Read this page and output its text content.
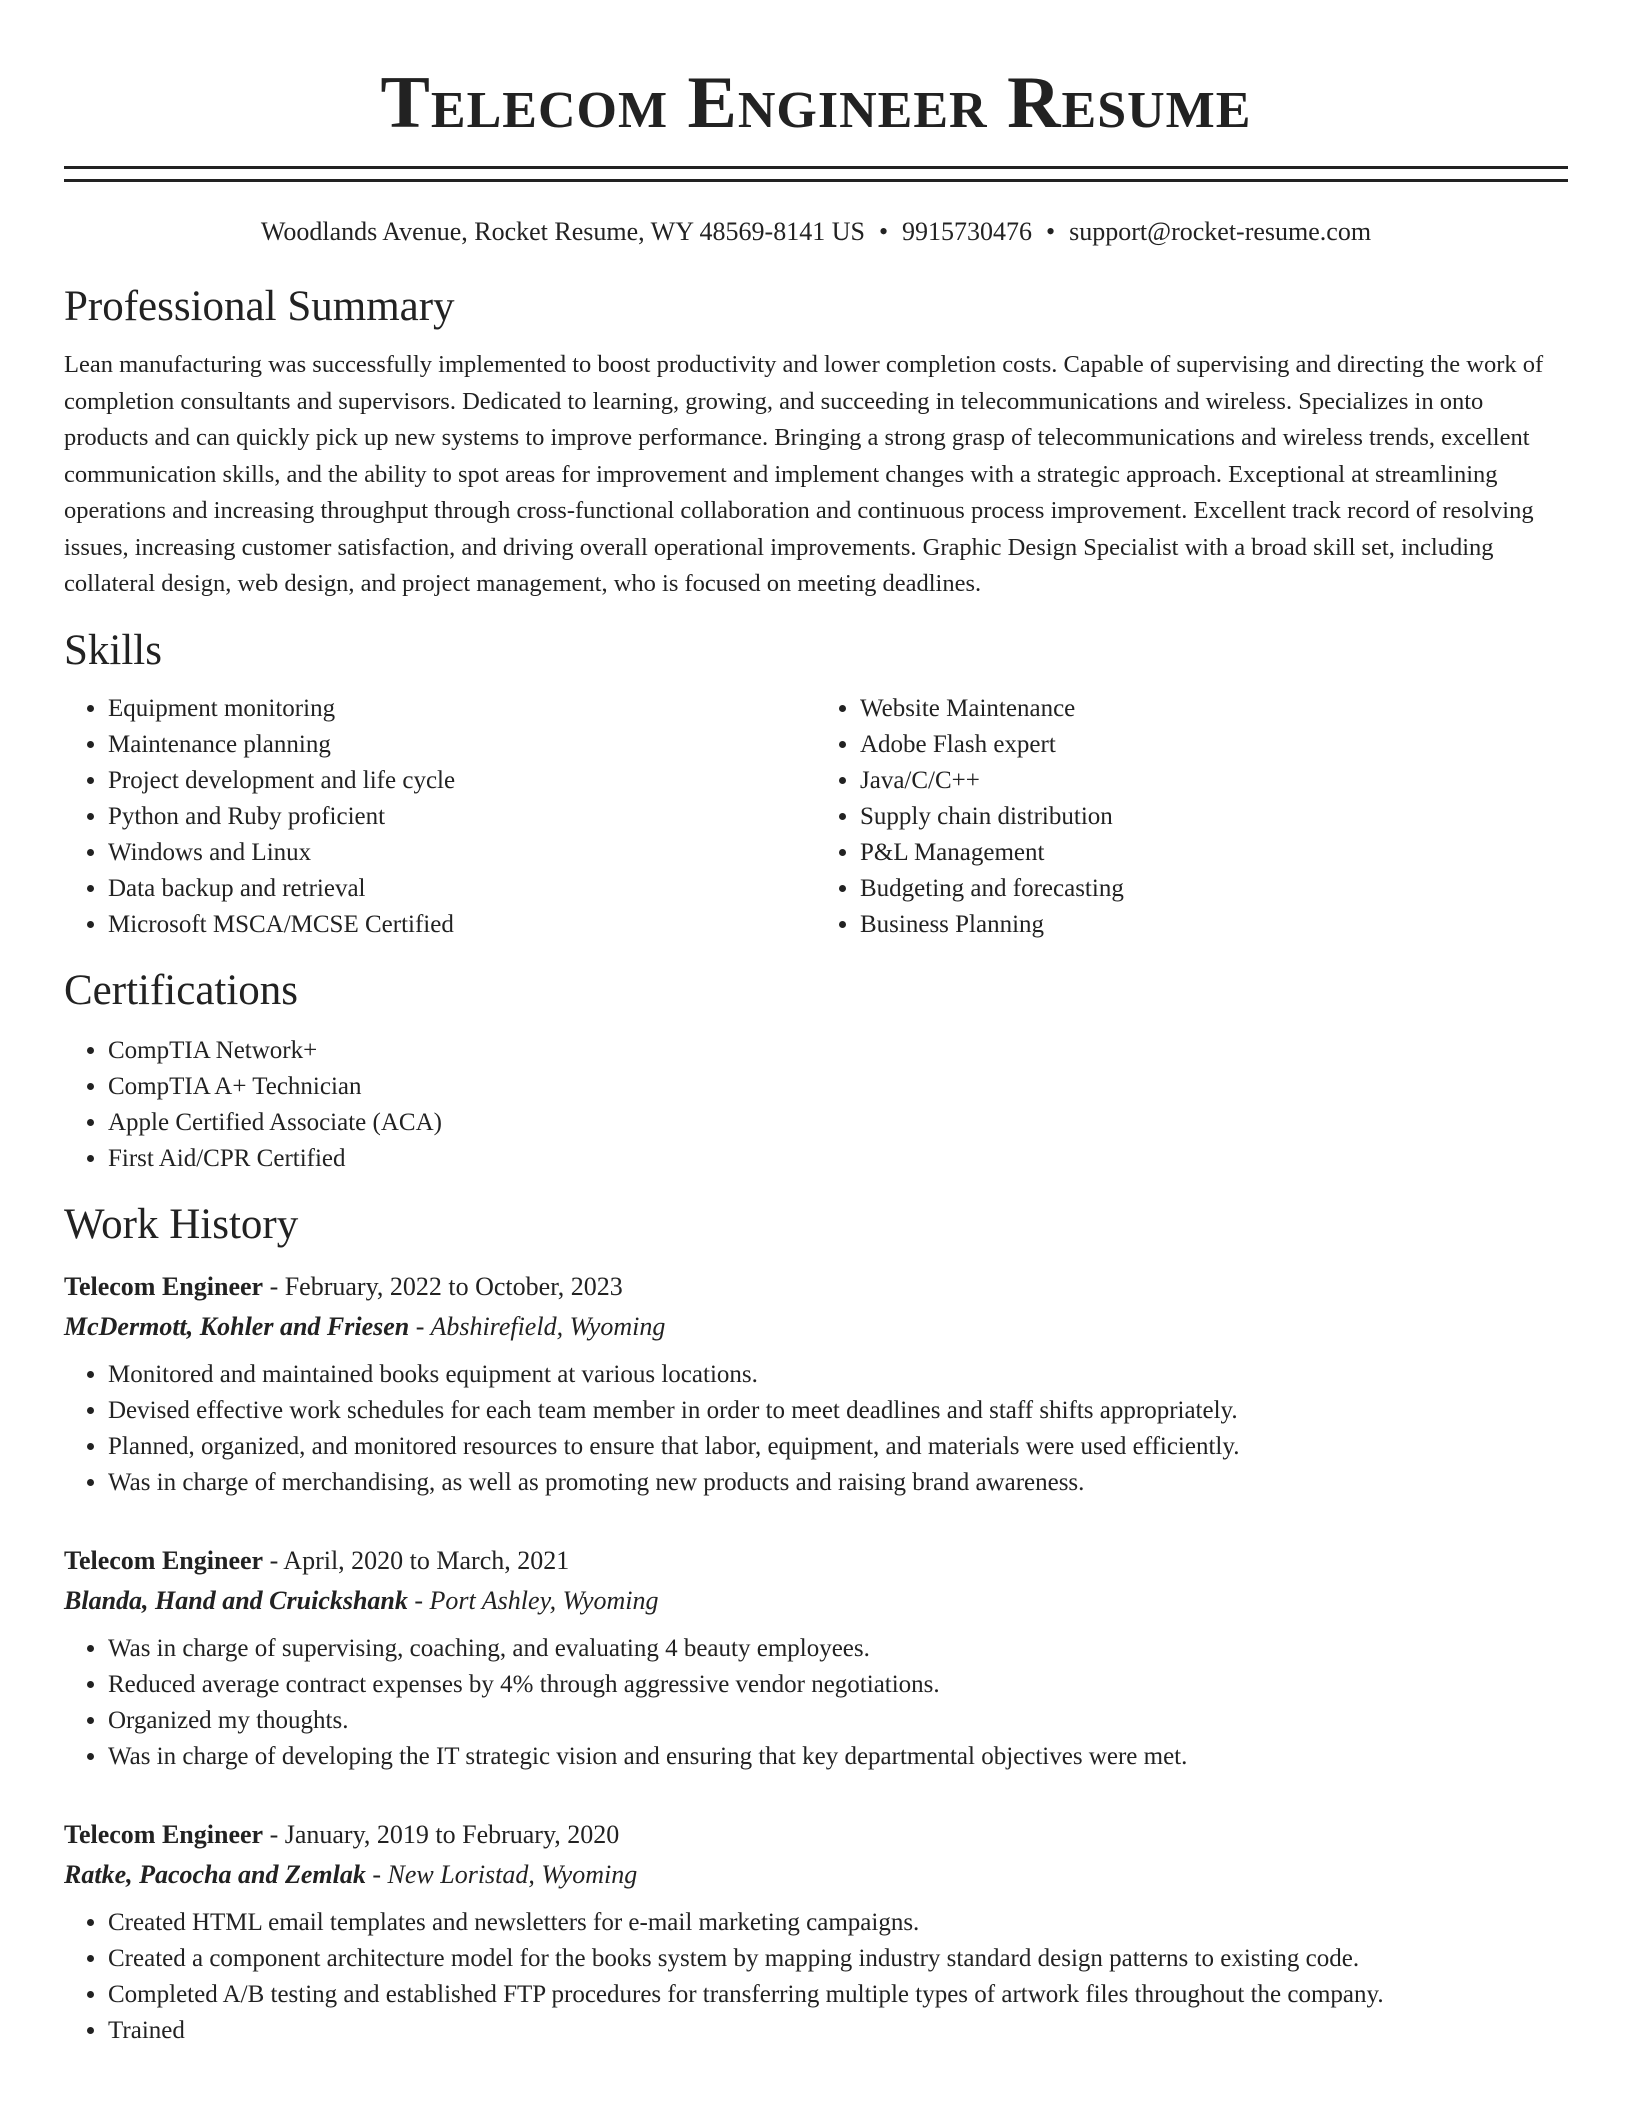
Telecom Engineer Resume
Woodlands Avenue, Rocket Resume, WY 48569-8141 US • 9915730476 • support@rocket-resume.com
Professional Summary

Lean manufacturing was successfully implemented to boost productivity and lower completion costs. Capable of supervising and directing the work of completion consultants and supervisors. Dedicated to learning, growing, and succeeding in telecommunications and wireless. Specializes in onto products and can quickly pick up new systems to improve performance. Bringing a strong grasp of telecommunications and wireless trends, excellent communication skills, and the ability to spot areas for improvement and implement changes with a strategic approach. Exceptional at streamlining operations and increasing throughput through cross-functional collaboration and continuous process improvement. Excellent track record of resolving issues, increasing customer satisfaction, and driving overall operational improvements. Graphic Design Specialist with a broad skill set, including collateral design, web design, and project management, who is focused on meeting deadlines.

Skills
• Equipment monitoring
• Maintenance planning
• Project development and life cycle
• Python and Ruby proficient
• Windows and Linux
• Data backup and retrieval
• Microsoft MSCA/MCSE Certified
• Website Maintenance
• Adobe Flash expert
• Java/C/C++
• Supply chain distribution
• P&L Management
• Budgeting and forecasting
• Business Planning
Certifications
• CompTIA Network+
• CompTIA A+ Technician
• Apple Certified Associate (ACA)
• First Aid/CPR Certified
Work History
Telecom Engineer - February, 2022 to October, 2023
McDermott, Kohler and Friesen - Abshirefield, Wyoming
• Monitored and maintained books equipment at various locations.
• Devised effective work schedules for each team member in order to meet deadlines and staff shifts appropriately.
• Planned, organized, and monitored resources to ensure that labor, equipment, and materials were used efficiently.
• Was in charge of merchandising, as well as promoting new products and raising brand awareness.
Telecom Engineer - April, 2020 to March, 2021
Blanda, Hand and Cruickshank - Port Ashley, Wyoming
• Was in charge of supervising, coaching, and evaluating 4 beauty employees.
• Reduced average contract expenses by 4% through aggressive vendor negotiations.
• Organized my thoughts.
• Was in charge of developing the IT strategic vision and ensuring that key departmental objectives were met.
Telecom Engineer - January, 2019 to February, 2020
Ratke, Pacocha and Zemlak - New Loristad, Wyoming
• Created HTML email templates and newsletters for e-mail marketing campaigns.
• Created a component architecture model for the books system by mapping industry standard design patterns to existing code.
• Completed A/B testing and established FTP procedures for transferring multiple types of artwork files throughout the company.
• Trained
